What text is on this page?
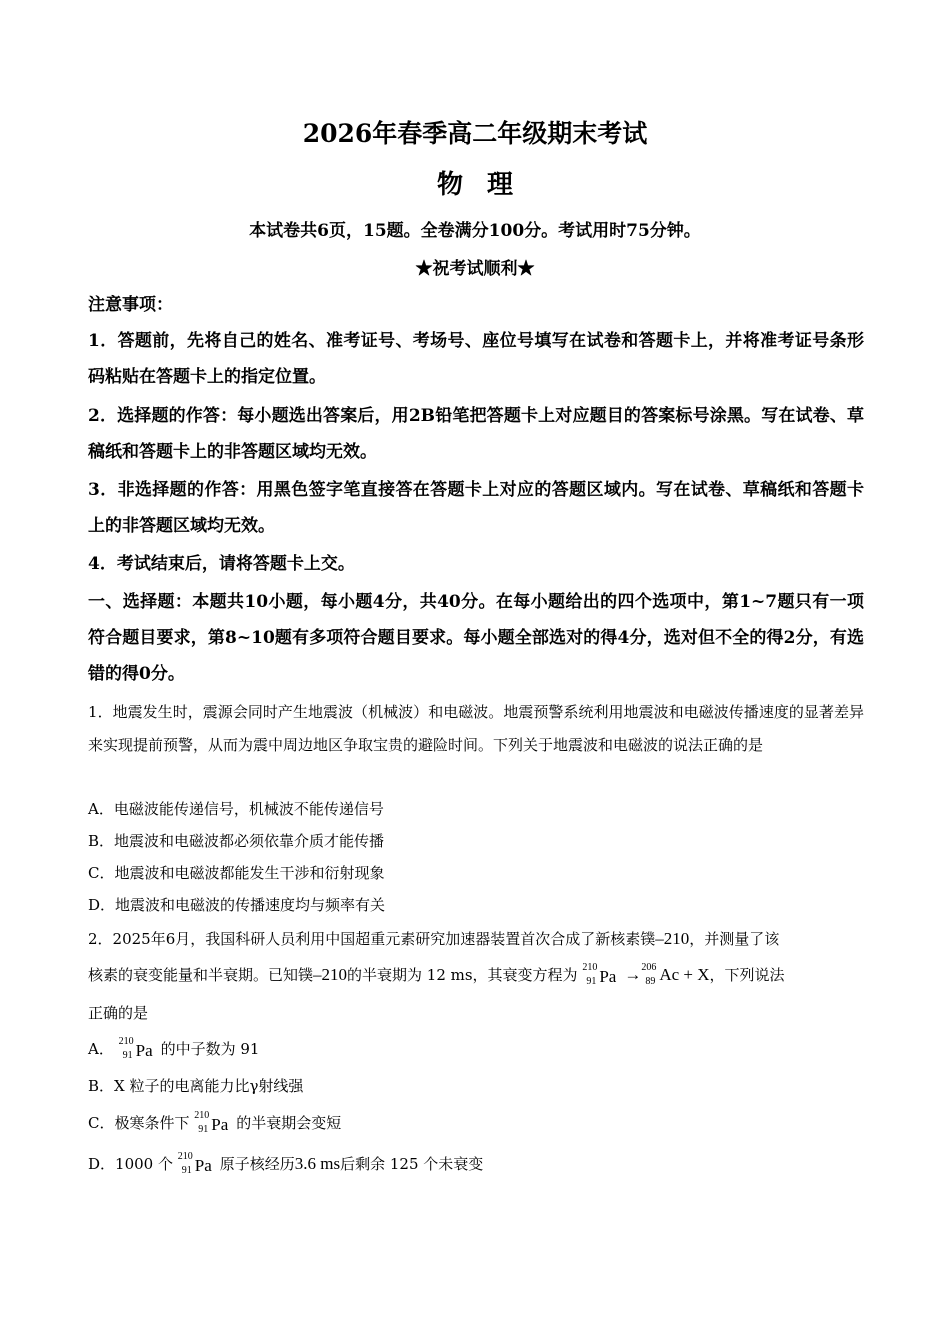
2026年春季高二年级期末考试
物理
本试卷共6页，15题。全卷满分100分。考试用时75分钟。
★祝考试顺利★
注意事项：
1．答题前，先将自己的姓名、准考证号、考场号、座位号填写在试卷和答题卡上，并将准考证号条形码粘贴在答题卡上的指定位置。
2．选择题的作答：每小题选出答案后，用2B铅笔把答题卡上对应题目的答案标号涂黑。写在试卷、草稿纸和答题卡上的非答题区域均无效。
3．非选择题的作答：用黑色签字笔直接答在答题卡上对应的答题区域内。写在试卷、草稿纸和答题卡上的非答题区域均无效。
4．考试结束后，请将答题卡上交。
一、选择题：本题共10小题，每小题4分，共40分。在每小题给出的四个选项中，第1~7题只有一项符合题目要求，第8~10题有多项符合题目要求。每小题全部选对的得4分，选对但不全的得2分，有选错的得0分。
1．地震发生时，震源会同时产生地震波（机械波）和电磁波。地震预警系统利用地震波和电磁波传播速度的显著差异来实现提前预警，从而为震中周边地区争取宝贵的避险时间。下列关于地震波和电磁波的说法正确的是
A．电磁波能传递信号，机械波不能传递信号
B．地震波和电磁波都必须依靠介质才能传播
C．地震波和电磁波都能发生干涉和衍射现象
D．地震波和电磁波的传播速度均与频率有关
2．2025年6月，我国科研人员利用中国超重元素研究加速器装置首次合成了新核素镤–210，并测量了该
核素的衰变能量和半衰期。已知镤–210的半衰期为 12 ms，其衰变方程为 210
91 Pa → 206
89 Ac + X，下列说法
正确的是
A． 210
91 Pa 的中子数为 91
B．X 粒子的电离能力比γ射线强
C．极寒条件下 210
91 Pa 的半衰期会变短
D．1000 个 210
91 Pa 原子核经历3.6 ms后剩余 125 个未衰变
